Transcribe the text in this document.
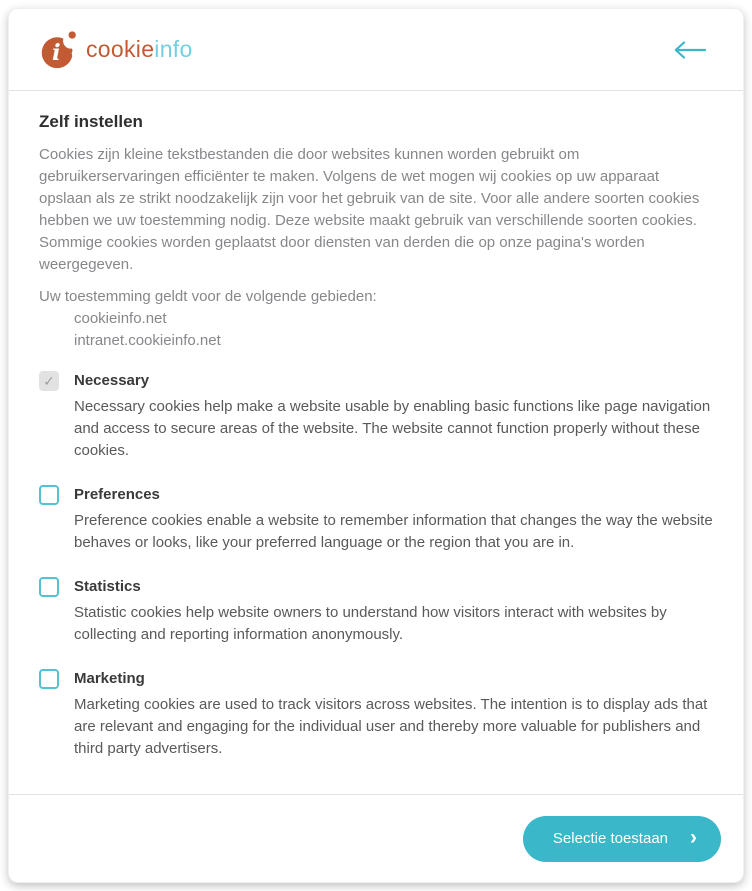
i cookieinfo
Zelf instellen

Cookies zijn kleine tekstbestanden die door websites kunnen worden gebruikt om gebruikerservaringen efficiënter te maken. Volgens de wet mogen wij cookies op uw apparaat opslaan als ze strikt noodzakelijk zijn voor het gebruik van de site. Voor alle andere soorten cookies hebben we uw toestemming nodig. Deze website maakt gebruik van verschillende soorten cookies. Sommige cookies worden geplaatst door diensten van derden die op onze pagina's worden weergegeven.

Uw toestemming geldt voor de volgende gebieden:
cookieinfo.net
intranet.cookieinfo.net
✓ Necessary

Necessary cookies help make a website usable by enabling basic functions like page navigation and access to secure areas of the website. The website cannot function properly without these cookies.

Preferences

Preference cookies enable a website to remember information that changes the way the website behaves or looks, like your preferred language or the region that you are in.

Statistics

Statistic cookies help website owners to understand how visitors interact with websites by collecting and reporting information anonymously.

Marketing

Marketing cookies are used to track visitors across websites. The intention is to display ads that are relevant and engaging for the individual user and thereby more valuable for publishers and third party advertisers.

Selectie toestaan ›
